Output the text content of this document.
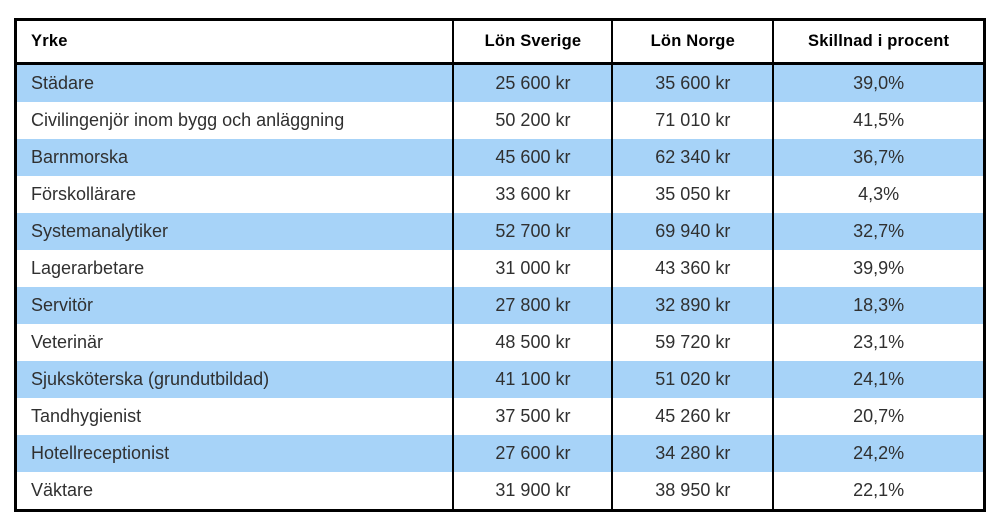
Yrke	Lön Sverige	Lön Norge	Skillnad i procent
Städare	25 600 kr	35 600 kr	39,0%
Civilingenjör inom bygg och anläggning	50 200 kr	71 010 kr	41,5%
Barnmorska	45 600 kr	62 340 kr	36,7%
Förskollärare	33 600 kr	35 050 kr	4,3%
Systemanalytiker	52 700 kr	69 940 kr	32,7%
Lagerarbetare	31 000 kr	43 360 kr	39,9%
Servitör	27 800 kr	32 890 kr	18,3%
Veterinär	48 500 kr	59 720 kr	23,1%
Sjuksköterska (grundutbildad)	41 100 kr	51 020 kr	24,1%
Tandhygienist	37 500 kr	45 260 kr	20,7%
Hotellreceptionist	27 600 kr	34 280 kr	24,2%
Väktare	31 900 kr	38 950 kr	22,1%
